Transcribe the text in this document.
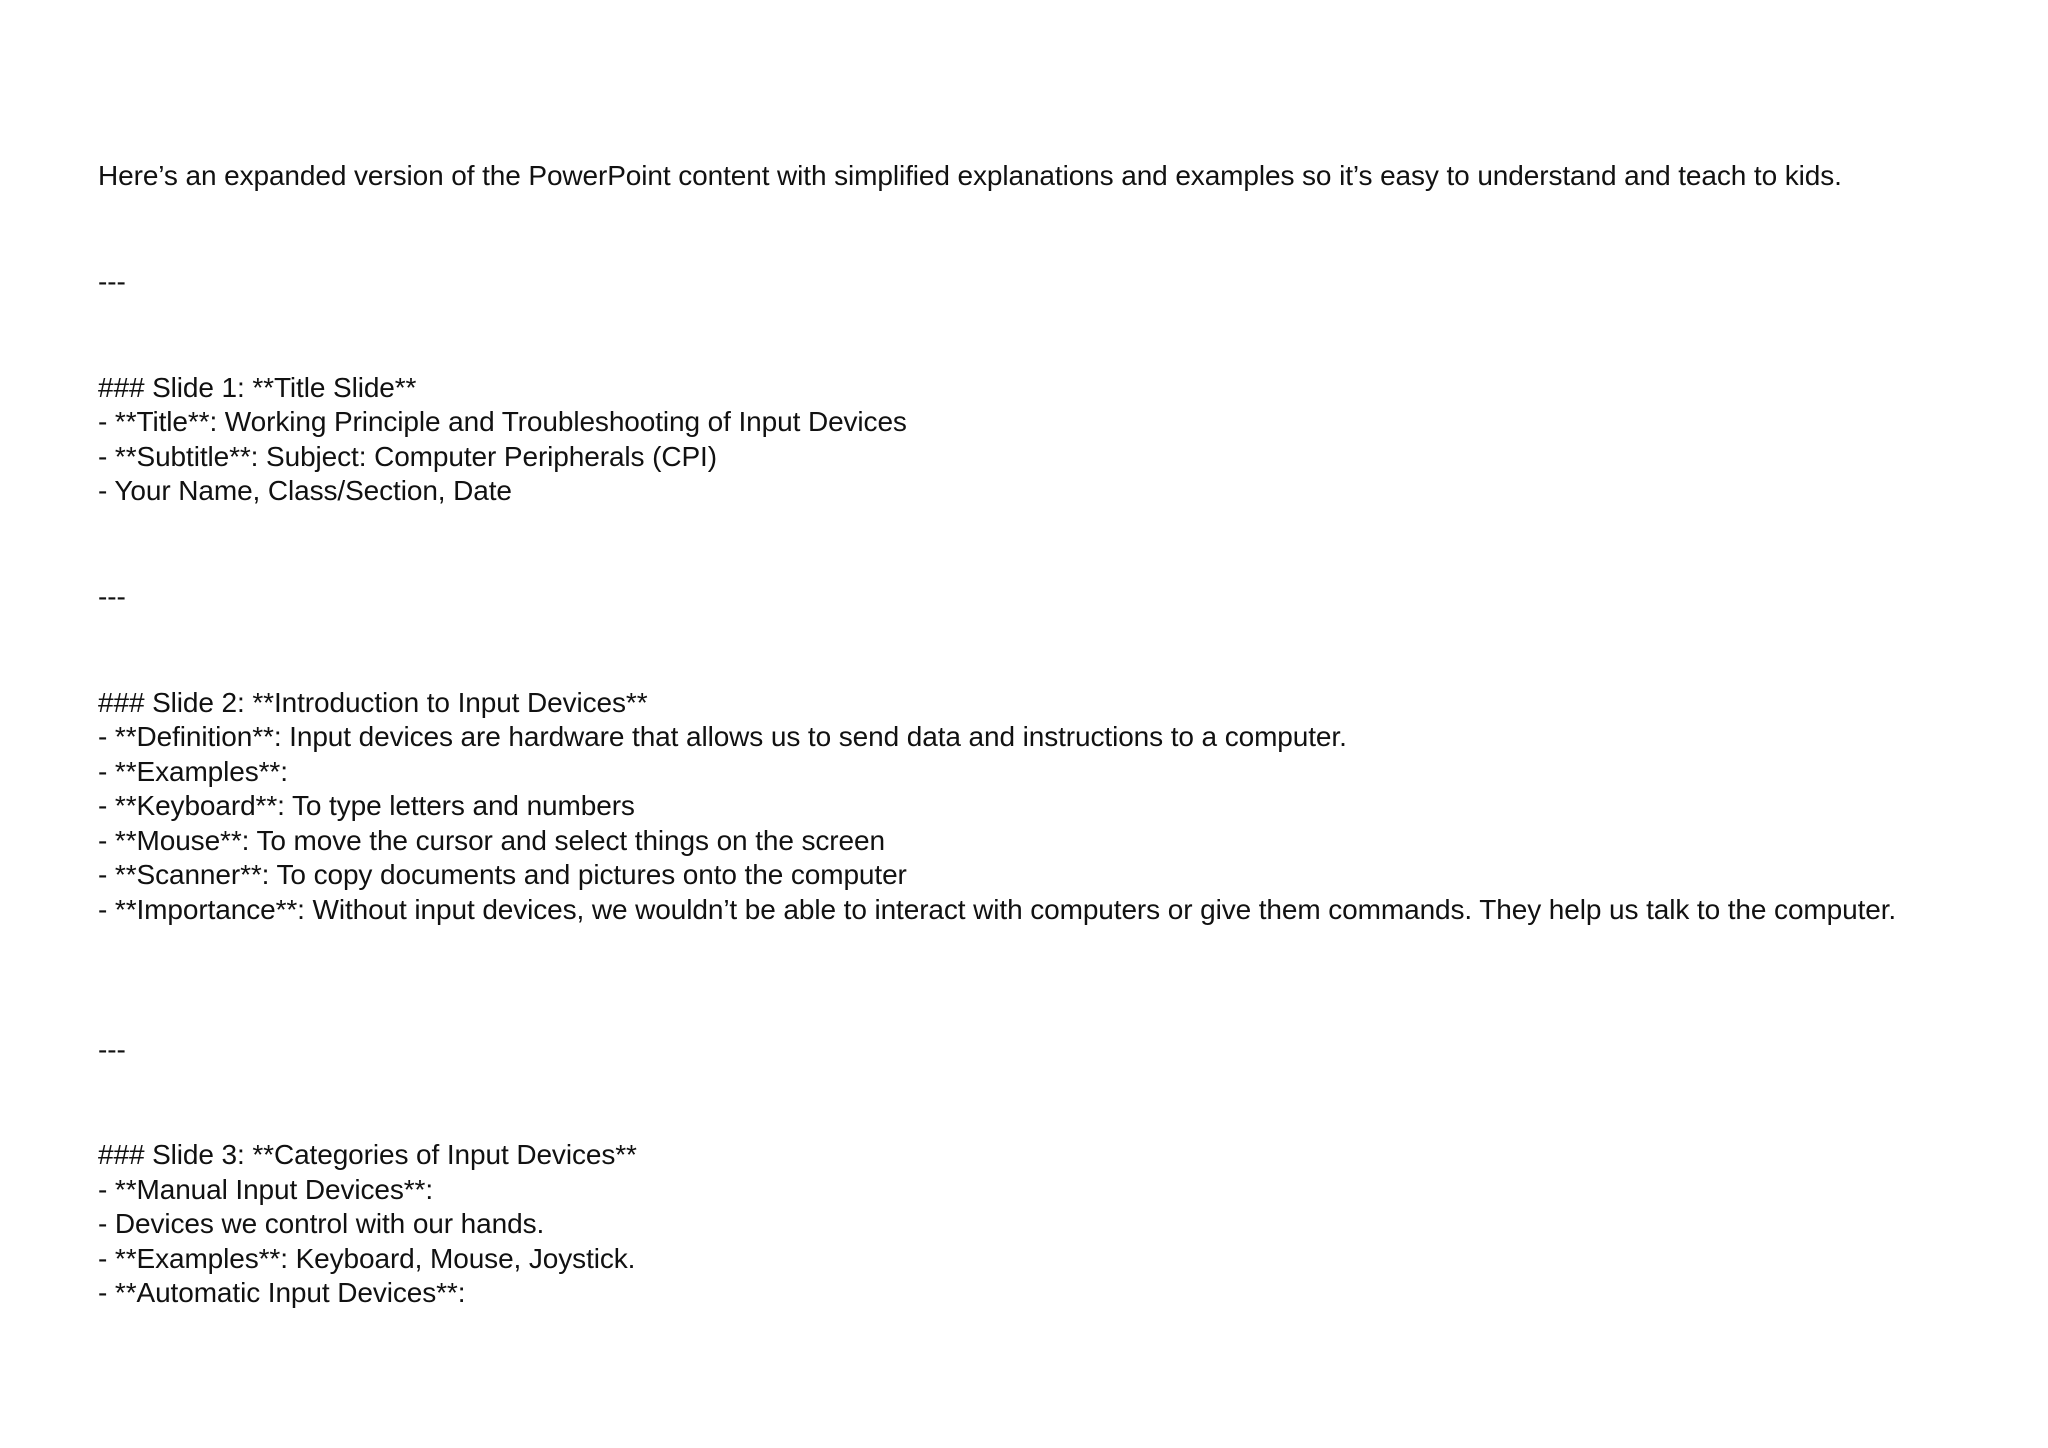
Here’s an expanded version of the PowerPoint content with simplified explanations and examples so it’s easy to understand and teach to kids.
---
### Slide 1: **Title Slide**
- **Title**: Working Principle and Troubleshooting of Input Devices
- **Subtitle**: Subject: Computer Peripherals (CPI)
- Your Name, Class/Section, Date
---
### Slide 2: **Introduction to Input Devices**
- **Definition**: Input devices are hardware that allows us to send data and instructions to a computer.
- **Examples**:
- **Keyboard**: To type letters and numbers
- **Mouse**: To move the cursor and select things on the screen
- **Scanner**: To copy documents and pictures onto the computer
- **Importance**: Without input devices, we wouldn’t be able to interact with computers or give them commands. They help us talk to the computer.
---
### Slide 3: **Categories of Input Devices**
- **Manual Input Devices**:
- Devices we control with our hands.
- **Examples**: Keyboard, Mouse, Joystick.
- **Automatic Input Devices**:
